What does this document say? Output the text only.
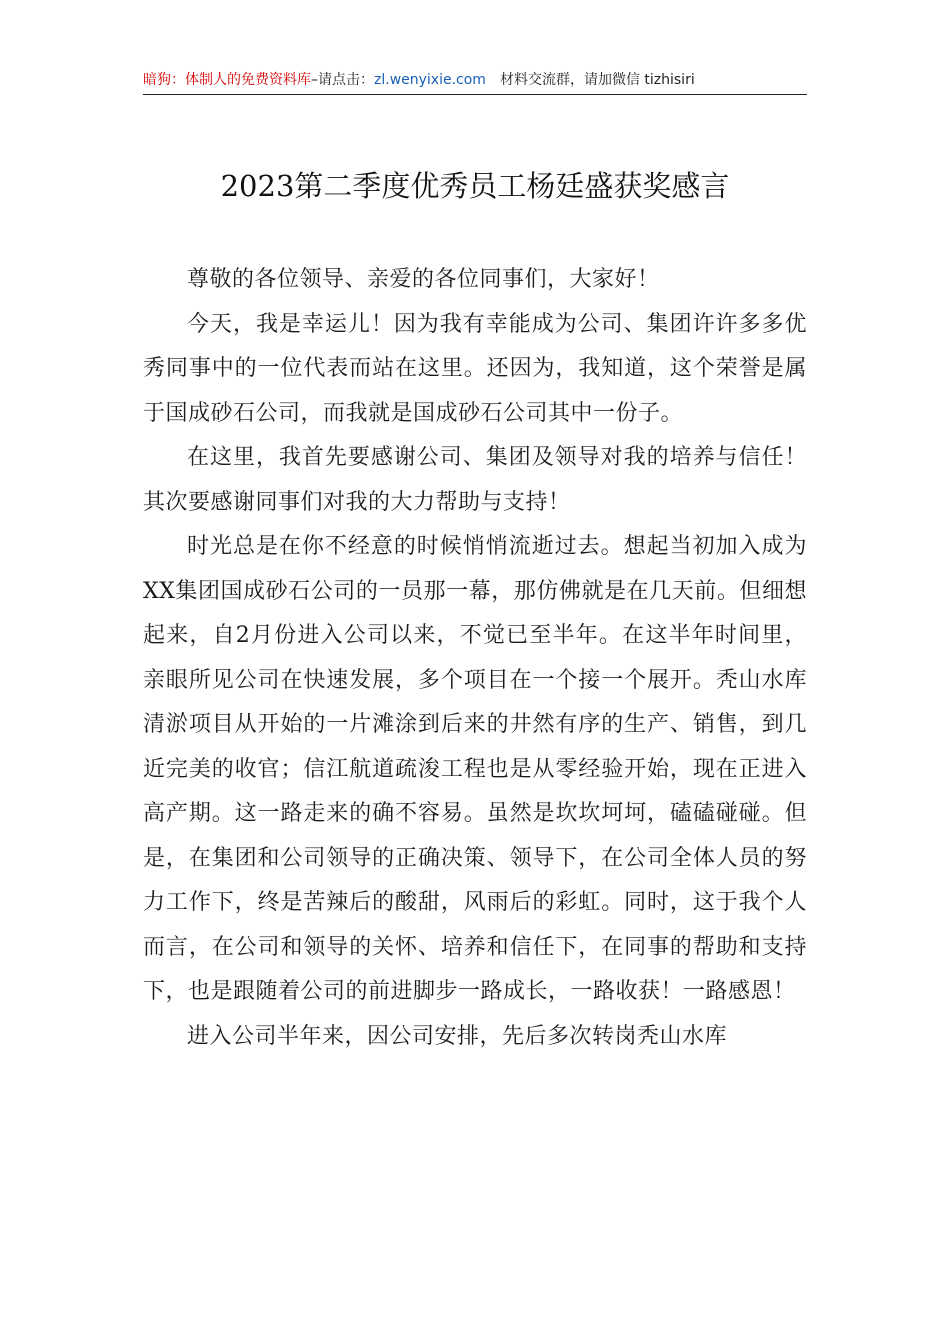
暗狗：体制人的免费资料库–请点击：zl.wenyixie.com 材料交流群，请加微信 tizhisiri
2023第二季度优秀员工杨廷盛获奖感言

尊敬的各位领导、亲爱的各位同事们，大家好！

今天，我是幸运儿！因为我有幸能成为公司、集团许许多多优秀同事中的一位代表而站在这里。还因为，我知道，这个荣誉是属于国成砂石公司，而我就是国成砂石公司其中一份子。

在这里，我首先要感谢公司、集团及领导对我的培养与信任！其次要感谢同事们对我的大力帮助与支持！

时光总是在你不经意的时候悄悄流逝过去。想起当初加入成为XX集团国成砂石公司的一员那一幕，那仿佛就是在几天前。但细想起来，自2月份进入公司以来，不觉已至半年。在这半年时间里，亲眼所见公司在快速发展，多个项目在一个接一个展开。秃山水库清淤项目从开始的一片滩涂到后来的井然有序的生产、销售，到几近完美的收官；信江航道疏浚工程也是从零经验开始，现在正进入高产期。这一路走来的确不容易。虽然是坎坎坷坷，磕磕碰碰。但是，在集团和公司领导的正确决策、领导下，在公司全体人员的努力工作下，终是苦辣后的酸甜，风雨后的彩虹。同时，这于我个人而言，在公司和领导的关怀、培养和信任下，在同事的帮助和支持下，也是跟随着公司的前进脚步一路成长，一路收获！一路感恩！

进入公司半年来，因公司安排，先后多次转岗秃山水库
